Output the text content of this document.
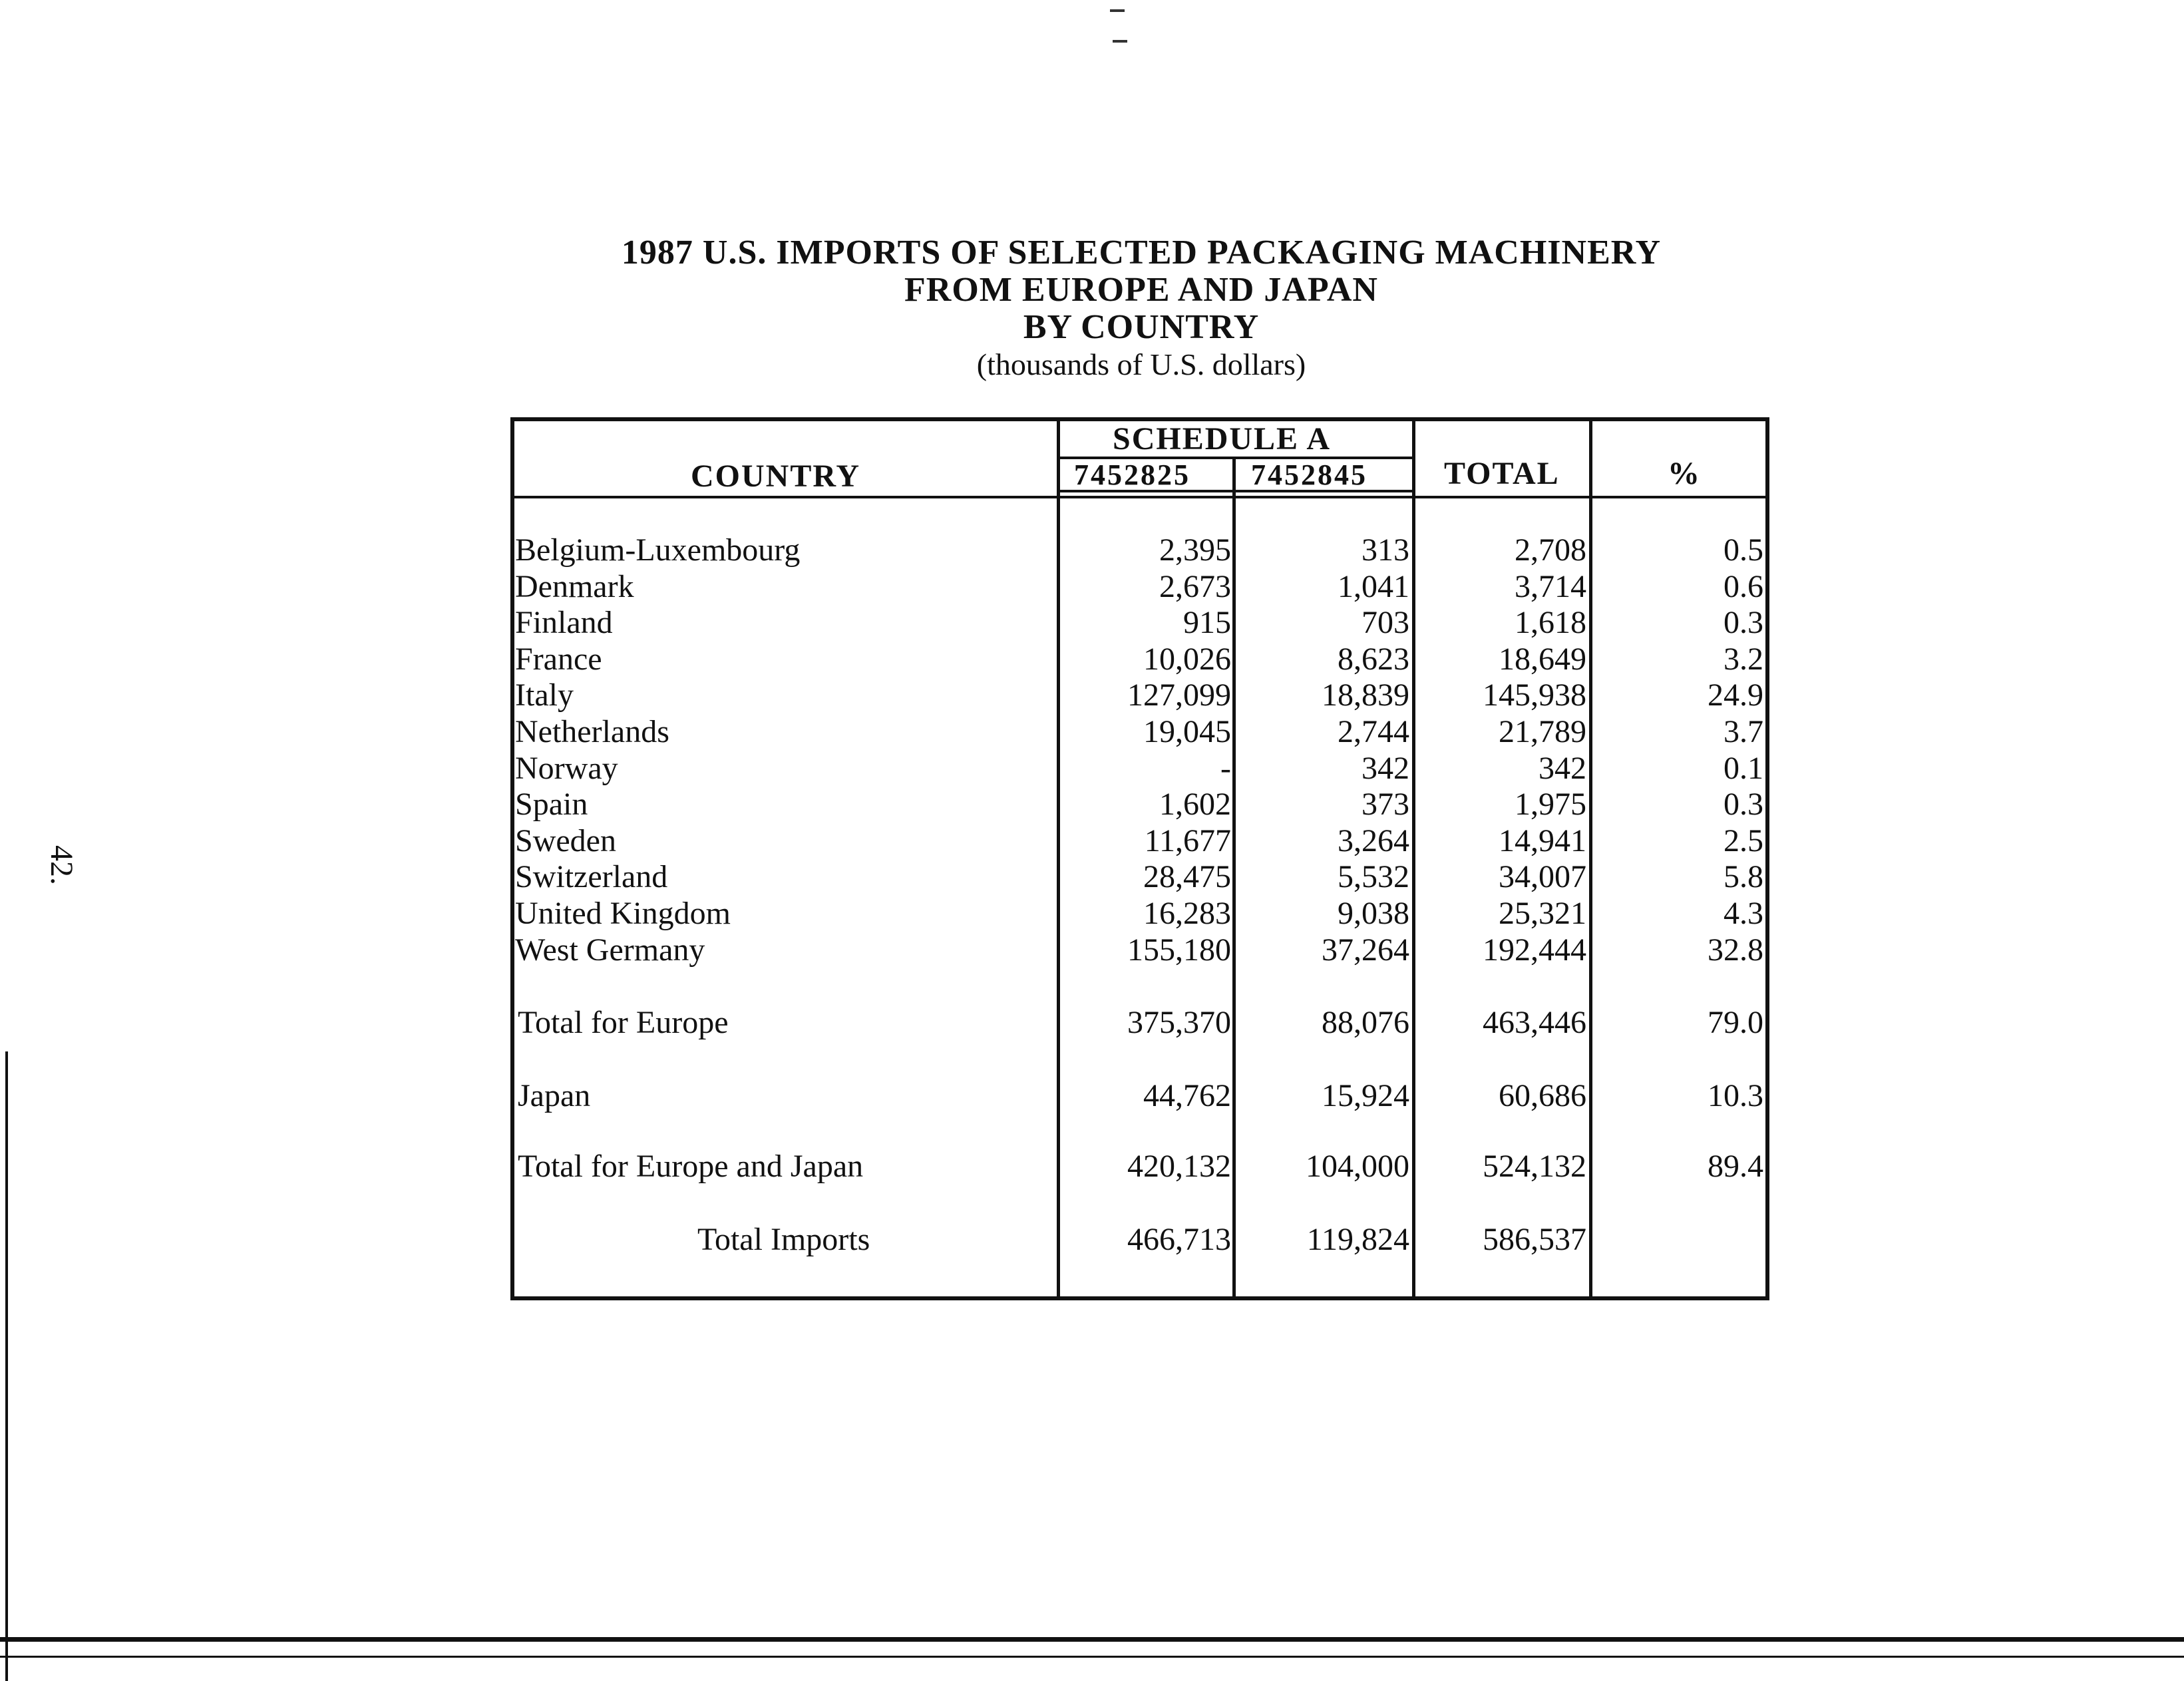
42.
1987 U.S. IMPORTS OF SELECTED PACKAGING MACHINERY
FROM EUROPE AND JAPAN
BY COUNTRY
(thousands of U.S. dollars)
COUNTRY
SCHEDULE A
7452825 7452845 TOTAL	%
Belgium-Luxembourg	2,395	313	2,708	0.5
Denmark	2,673	1,041	3,714	0.6
Finland	915	703	1,618	0.3
France	10,026	8,623	18,649	3.2
Italy	127,099	18,839 145,938	24.9
Netherlands	19,045	2,744	21,789	3.7
Norway	-	342	342	0.1
Spain	1,602	373	1,975	0.3
Sweden	11,677	3,264	14,941	2.5
Switzerland	28,475	5,532	34,007	5.8
United Kingdom	16,283	9,038	25,321	4.3
West Germany	155,180	37,264 192,444	32.8
Total for Europe	375,370	88,076 463,446	79.0
Japan	44,762	15,924	60,686	10.3
Total for Europe and Japan	420,132 104,000 524,132	89.4
Total Imports	466,713 119,824 586,537
